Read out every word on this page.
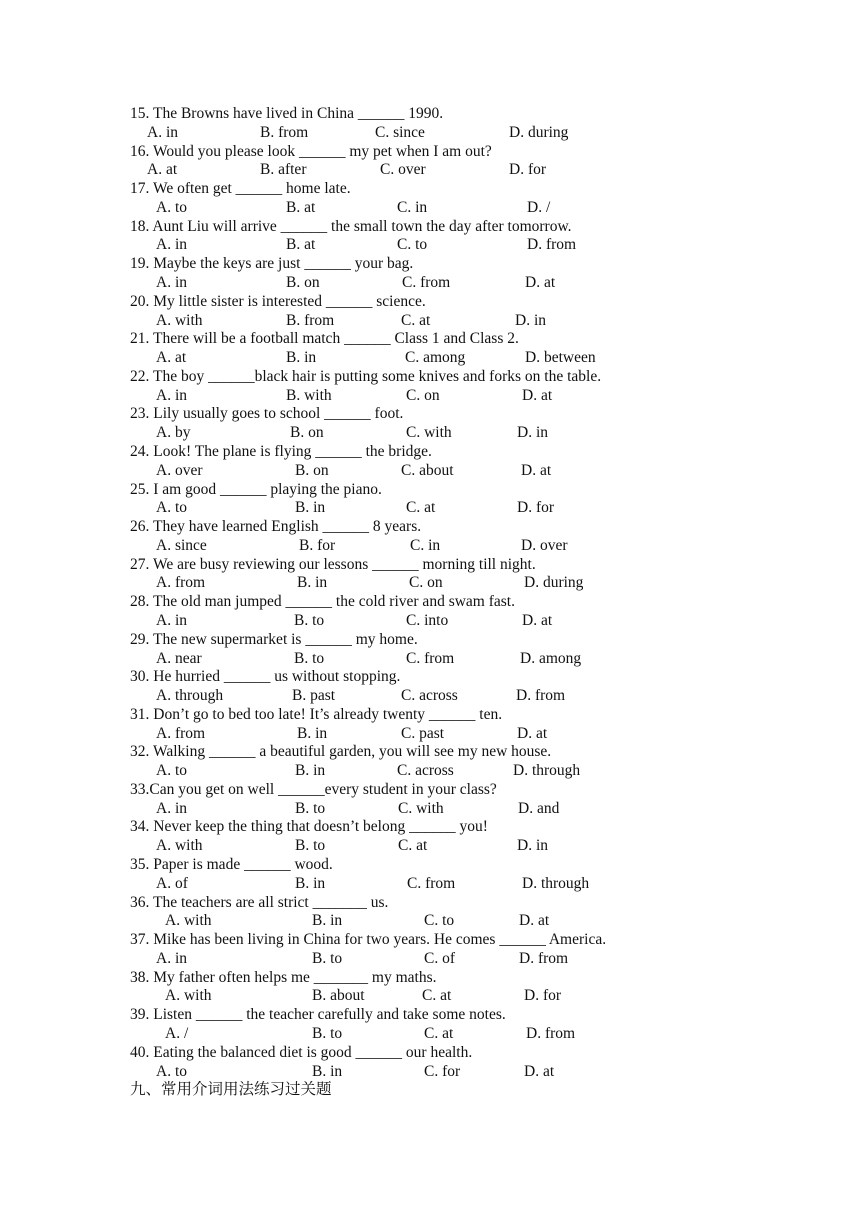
15. The Browns have lived in China ______ 1990.
A. in	B. from	C. since	D. during
16. Would you please look ______ my pet when I am out?
A. at	B. after	C. over	D. for
17. We often get ______ home late.
A. to	B. at	C. in	D. /
18. Aunt Liu will arrive ______ the small town the day after tomorrow.
A. in	B. at	C. to	D. from
19. Maybe the keys are just ______ your bag.
A. in	B. on	C. from	D. at
20. My little sister is interested ______ science.
A. with	B. from	C. at	D. in
21. There will be a football match ______ Class 1 and Class 2.
A. at	B. in	C. among	D. between
22. The boy ______black hair is putting some knives and forks on the table.
A. in	B. with	C. on	D. at
23. Lily usually goes to school ______ foot.
A. by	B. on	C. with	D. in
24. Look! The plane is flying ______ the bridge.
A. over	B. on	C. about	D. at
25. I am good ______ playing the piano.
A. to	B. in	C. at	D. for
26. They have learned English ______ 8 years.
A. since	B. for	C. in	D. over
27. We are busy reviewing our lessons ______ morning till night.
A. from	B. in	C. on	D. during
28. The old man jumped ______ the cold river and swam fast.
A. in	B. to	C. into	D. at
29. The new supermarket is ______ my home.
A. near	B. to	C. from	D. among
30. He hurried ______ us without stopping.
A. through	B. past	C. across	D. from
31. Don’t go to bed too late! It’s already twenty ______ ten.
A. from	B. in	C. past	D. at
32. Walking ______ a beautiful garden, you will see my new house.
A. to	B. in	C. across	D. through
33.Can you get on well ______every student in your class?
A. in	B. to	C. with	D. and
34. Never keep the thing that doesn’t belong ______ you!
A. with	B. to	C. at	D. in
35. Paper is made ______ wood.
A. of	B. in	C. from	D. through
36. The teachers are all strict _______ us.
A. with	B. in	C. to	D. at
37. Mike has been living in China for two years. He comes ______ America.
A. in	B. to	C. of	D. from
38. My father often helps me _______ my maths.
A. with	B. about	C. at	D. for
39. Listen ______ the teacher carefully and take some notes.
A. /	B. to	C. at	D. from
40. Eating the balanced diet is good ______ our health.
A. to	B. in	C. for	D. at
九、常用介词用法练习过关题
